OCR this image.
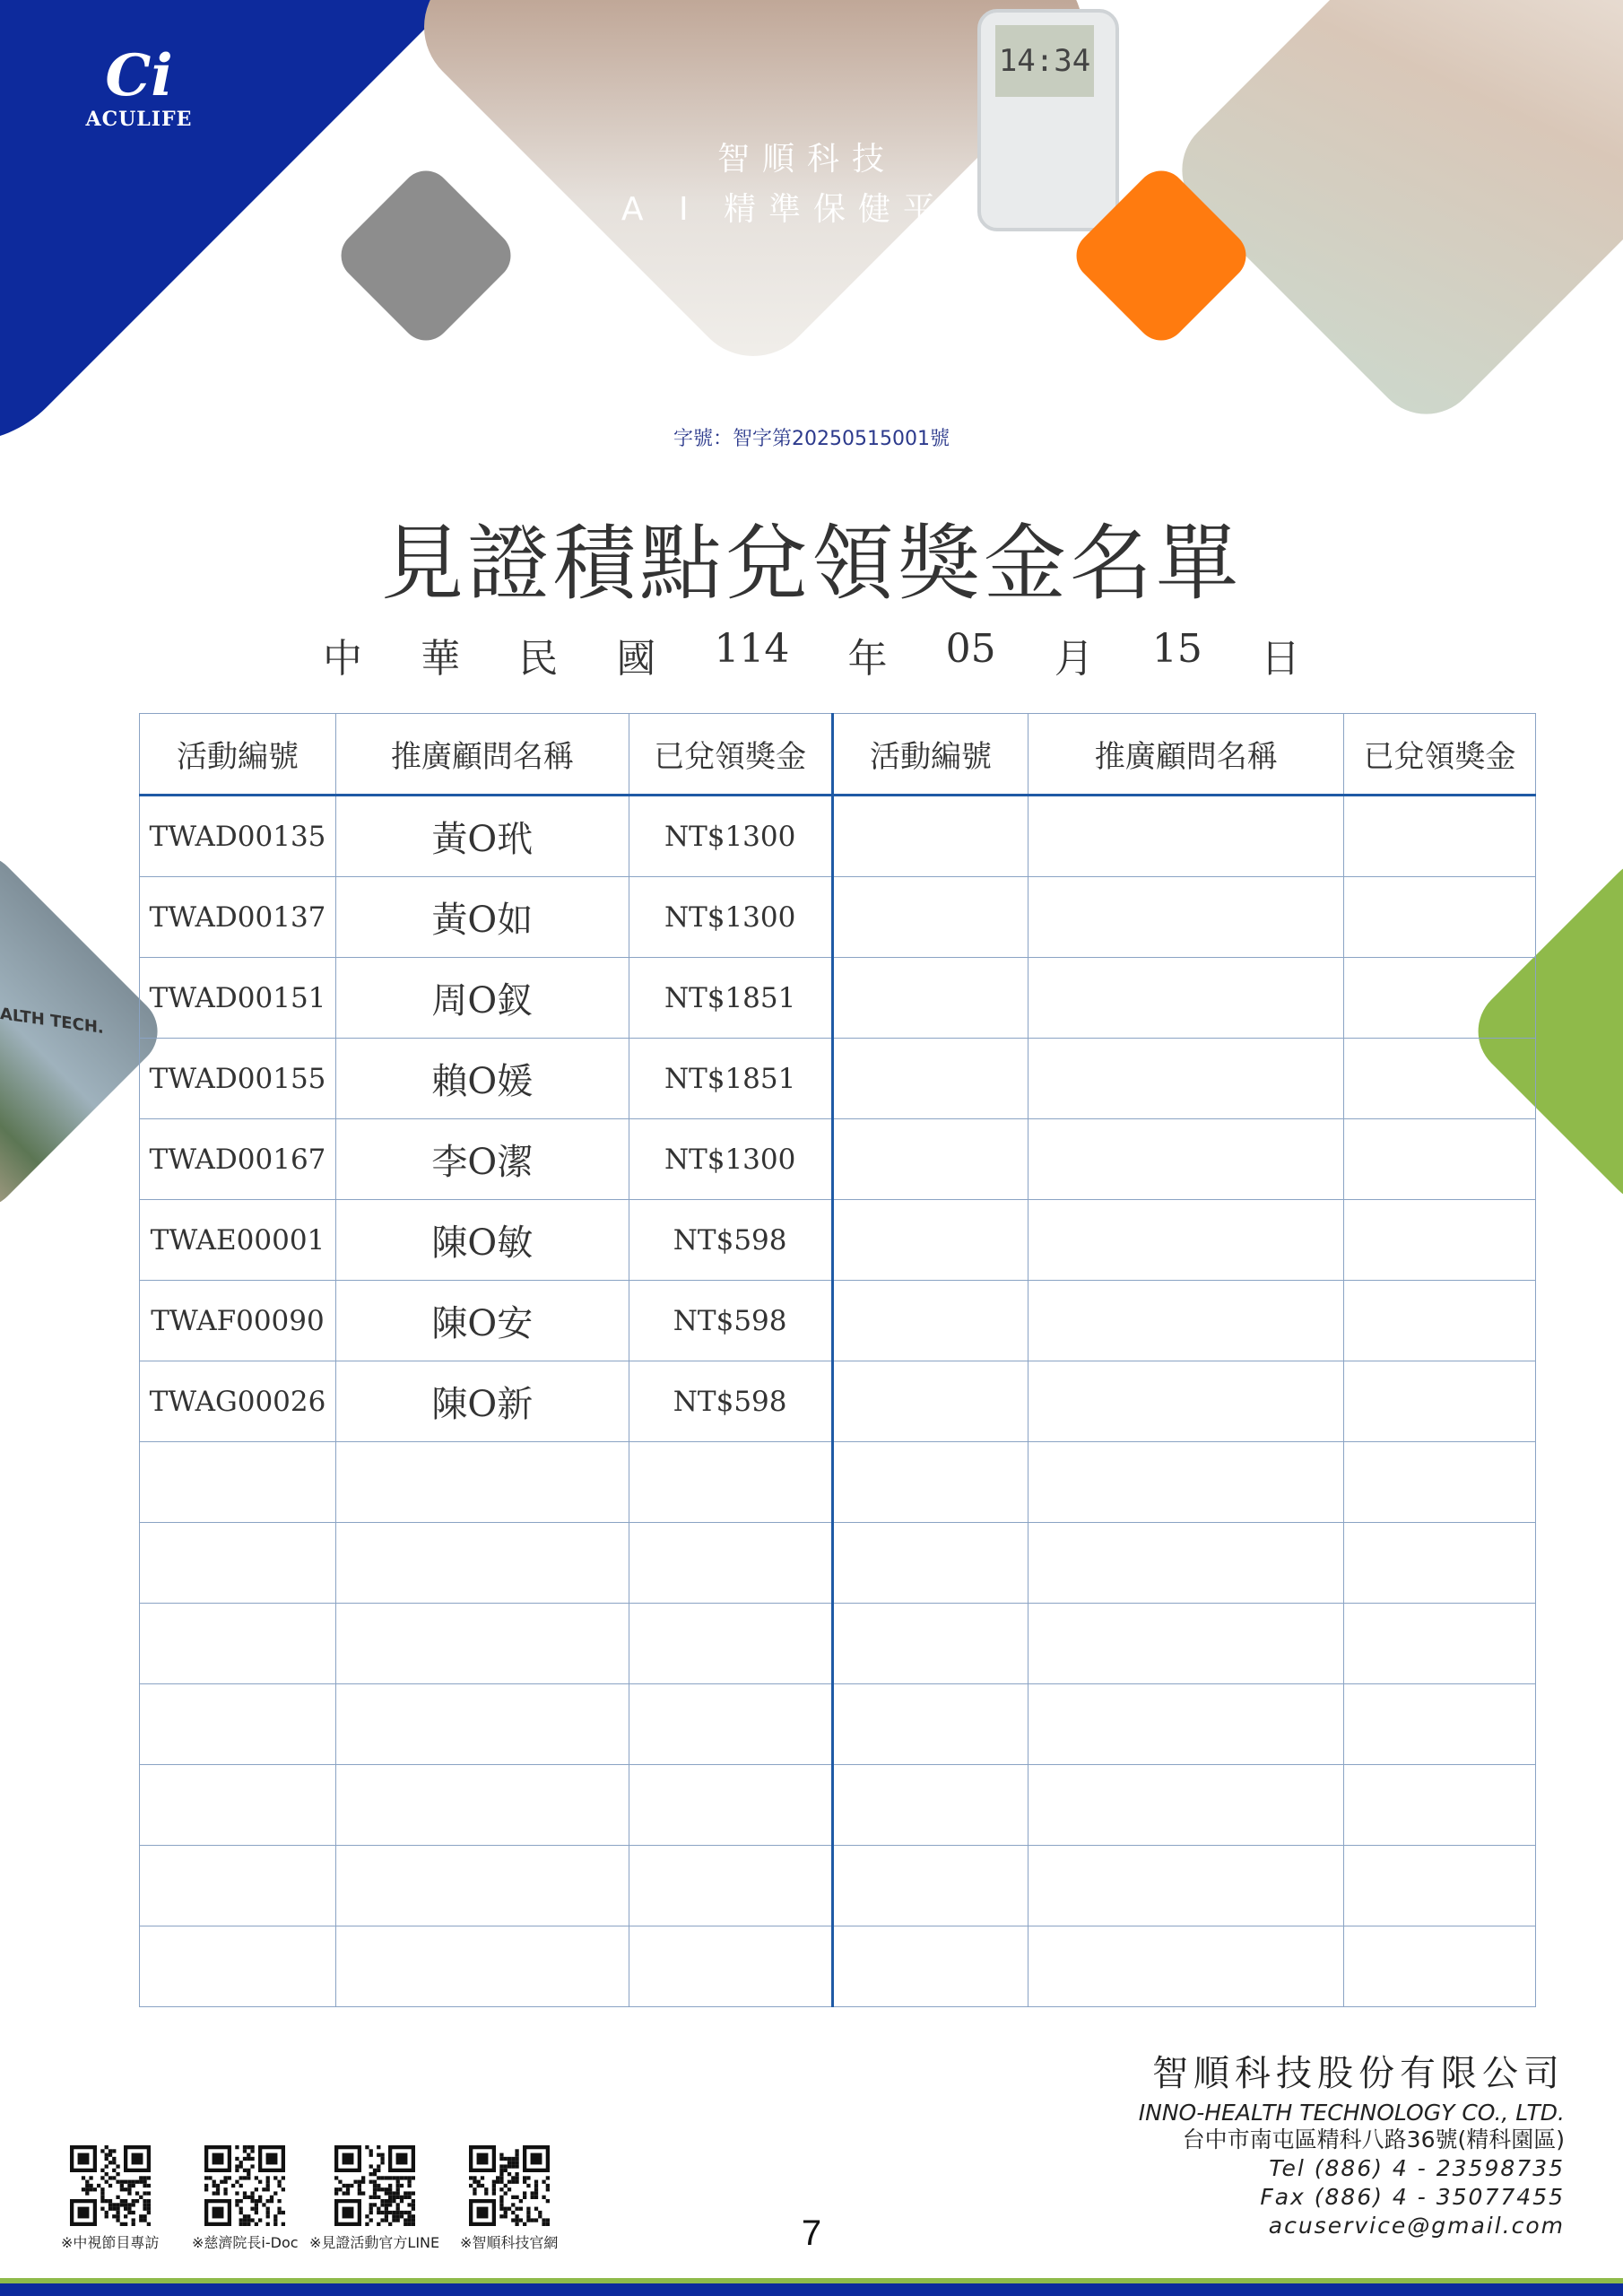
Ci
ACULIFE
14:34
ALTH TECH.
智順科技
A I 精準保健平台
字號：智字第20250515001號
見證積點兌領獎金名單
中 華 民 國 114 年 05 月 15 日
活動編號	推廣顧問名稱	已兌領獎金	活動編號	推廣顧問名稱	已兌領獎金
TWAD00135	黃O玳	NT$1300			
TWAD00137	黃O如	NT$1300			
TWAD00151	周O釵	NT$1851			
TWAD00155	賴O媛	NT$1851			
TWAD00167	李O潔	NT$1300			
TWAE00001	陳O敏	NT$598			
TWAF00090	陳O安	NT$598			
TWAG00026	陳O新	NT$598			

※中視節目專訪 ※慈濟院長i-Doc ※見證活動官方LINE ※智順科技官網	7
智順科技股份有限公司
INNO-HEALTH TECHNOLOGY CO., LTD.
台中市南屯區精科八路36號(精科園區)
Tel (886) 4 - 23598735
Fax (886) 4 - 35077455
acuservice@gmail.com
